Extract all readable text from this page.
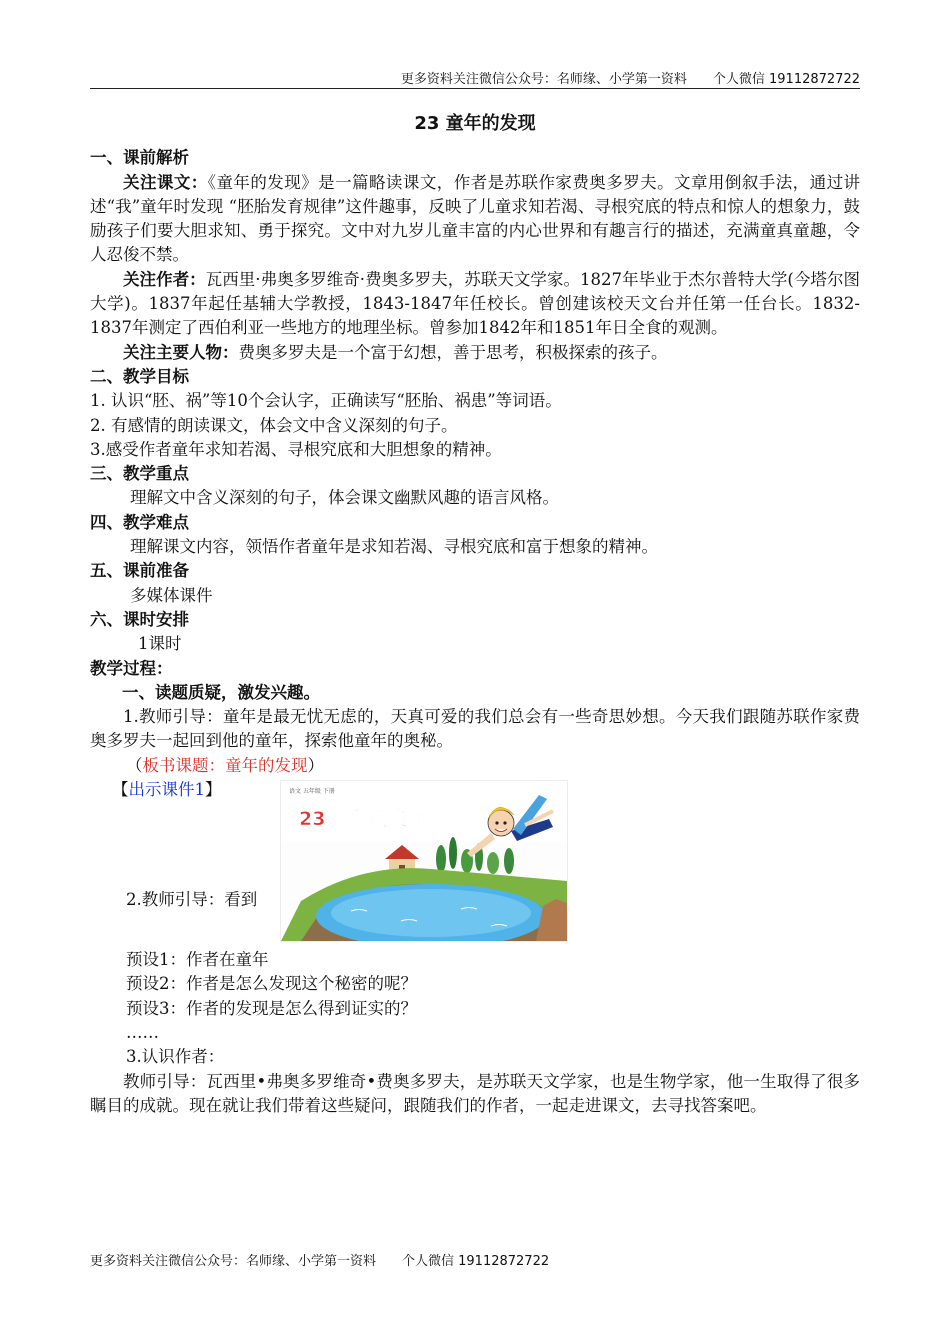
更多资料关注微信公众号：名师缘、小学第一资料　　个人微信 19112872722
23 童年的发现

一、课前解析

关注课文：《童年的发现》是一篇略读课文，作者是苏联作家费奥多罗夫。文章用倒叙手法，通过讲述“我”童年时发现 “胚胎发育规律”这件趣事，反映了儿童求知若渴、寻根究底的特点和惊人的想象力，鼓励孩子们要大胆求知、勇于探究。文中对九岁儿童丰富的内心世界和有趣言行的描述，充满童真童趣，令人忍俊不禁。

关注作者：瓦西里·弗奥多罗维奇·费奥多罗夫，苏联天文学家。1827年毕业于杰尔普特大学(今塔尔图大学)。1837年起任基辅大学教授，1843-1847年任校长。曾创建该校天文台并任第一任台长。1832-1837年测定了西伯利亚一些地方的地理坐标。曾参加1842年和1851年日全食的观测。

关注主要人物：费奥多罗夫是一个富于幻想，善于思考，积极探索的孩子。

二、教学目标

1. 认识“胚、祸”等10个会认字，正确读写“胚胎、祸患”等词语。

2. 有感情的朗读课文，体会文中含义深刻的句子。

3.感受作者童年求知若渴、寻根究底和大胆想象的精神。

三、教学重点

理解文中含义深刻的句子，体会课文幽默风趣的语言风格。

四、教学难点

理解课文内容，领悟作者童年是求知若渴、寻根究底和富于想象的精神。

五、课前准备

多媒体课件

六、课时安排

1课时

教学过程：

一、读题质疑，激发兴趣。

1.教师引导：童年是最无忧无虑的，天真可爱的我们总会有一些奇思妙想。今天我们跟随苏联作家费奥多罗夫一起回到他的童年，探索他童年的奥秘。

（板书课题：童年的发现）

【出示课件1】

2.教师引导：看到

语文 五年级 下册
23 童年的发现

预设1：作者在童年

预设2：作者是怎么发现这个秘密的呢？

预设3：作者的发现是怎么得到证实的？

……

3.认识作者：

教师引导：瓦西里•弗奥多罗维奇•费奥多罗夫，是苏联天文学家，也是生物学家，他一生取得了很多瞩目的成就。现在就让我们带着这些疑问，跟随我们的作者，一起走进课文，去寻找答案吧。

更多资料关注微信公众号：名师缘、小学第一资料　　个人微信 19112872722
